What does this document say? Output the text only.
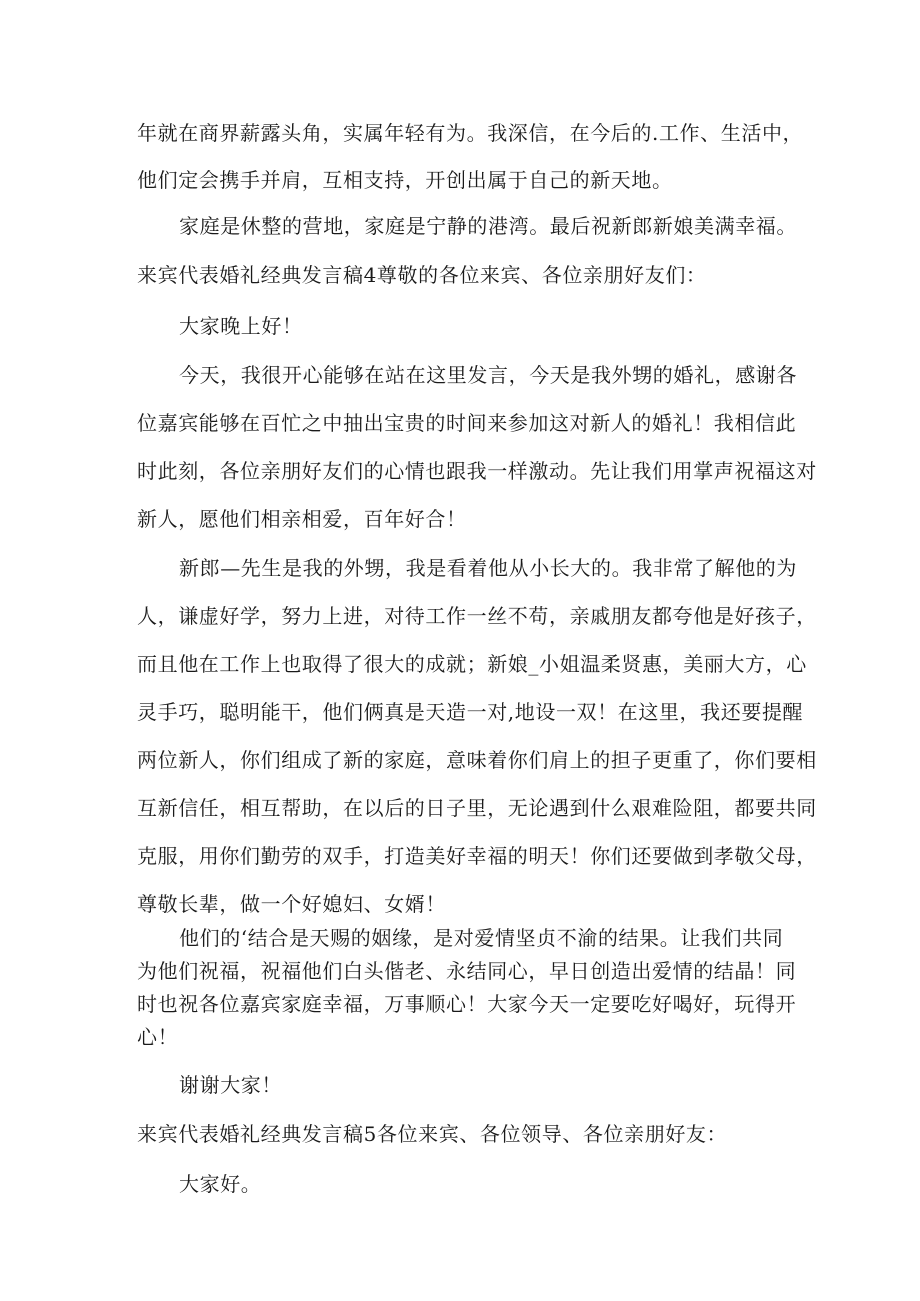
年就在商界薪露头角，实属年轻有为。我深信，在今后的.工作、生活中，
他们定会携手并肩，互相支持，开创出属于自己的新天地。
家庭是休整的营地，家庭是宁静的港湾。最后祝新郎新娘美满幸福。
来宾代表婚礼经典发言稿4尊敬的各位来宾、各位亲朋好友们：
大家晚上好！
今天，我很开心能够在站在这里发言，今天是我外甥的婚礼，感谢各
位嘉宾能够在百忙之中抽出宝贵的时间来参加这对新人的婚礼！我相信此
时此刻，各位亲朋好友们的心情也跟我一样激动。先让我们用掌声祝福这对
新人，愿他们相亲相爱，百年好合！
新郎—先生是我的外甥，我是看着他从小长大的。我非常了解他的为
人，谦虚好学，努力上进，对待工作一丝不苟，亲戚朋友都夸他是好孩子，
而且他在工作上也取得了很大的成就；新娘_小姐温柔贤惠，美丽大方，心
灵手巧，聪明能干，他们俩真是天造一对,地设一双！在这里，我还要提醒
两位新人，你们组成了新的家庭，意味着你们肩上的担子更重了，你们要相
互新信任，相互帮助，在以后的日子里，无论遇到什么艰难险阻，都要共同
克服，用你们勤劳的双手，打造美好幸福的明天！你们还要做到孝敬父母，
尊敬长辈，做一个好媳妇、女婿！
他们的‘结合是天赐的姻缘，是对爱情坚贞不渝的结果。让我们共同
为他们祝福，祝福他们白头偕老、永结同心，早日创造出爱情的结晶！同
时也祝各位嘉宾家庭幸福，万事顺心！大家今天一定要吃好喝好，玩得开
心！
谢谢大家！
来宾代表婚礼经典发言稿5各位来宾、各位领导、各位亲朋好友：
大家好。
